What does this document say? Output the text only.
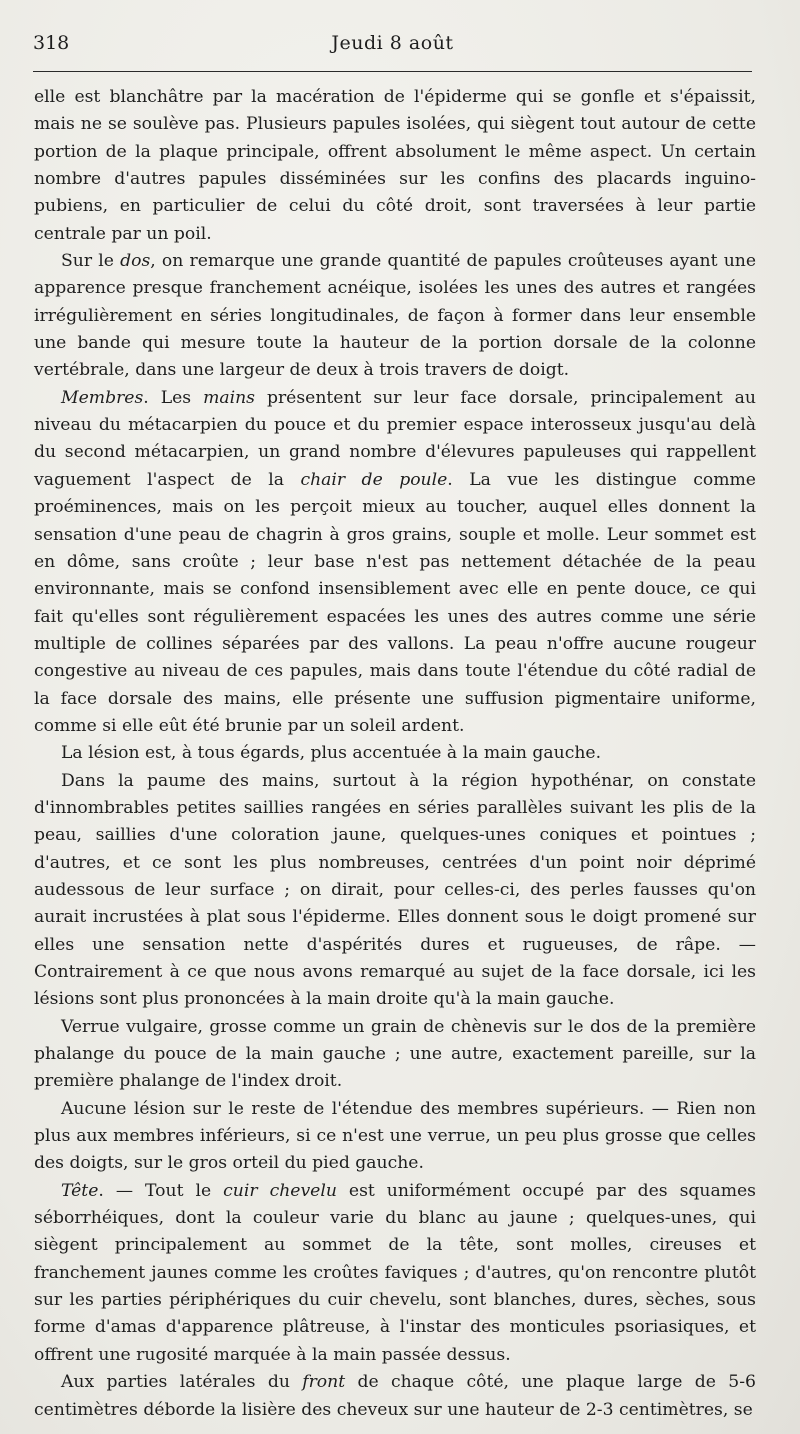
318	Jeudi 8 août

elle est blanchâtre par la macération de l'épiderme qui se gonfle et s'épaissit, mais ne se soulève pas. Plusieurs papules isolées, qui siègent tout autour de cette portion de la plaque principale, offrent absolument le même aspect. Un certain nombre d'autres papules disséminées sur les confins des placards inguino-pubiens, en particulier de celui du côté droit, sont traversées à leur partie centrale par un poil.

Sur le dos, on remarque une grande quantité de papules croûteuses ayant une apparence presque franchement acnéique, isolées les unes des autres et rangées irrégulièrement en séries longitudinales, de façon à former dans leur ensemble une bande qui mesure toute la hauteur de la portion dorsale de la colonne vertébrale, dans une largeur de deux à trois travers de doigt.

Membres. Les mains présentent sur leur face dorsale, principalement au niveau du métacarpien du pouce et du premier espace interosseux jusqu'au delà du second métacarpien, un grand nombre d'élevures papuleuses qui rappellent vaguement l'aspect de la chair de poule. La vue les distingue comme proéminences, mais on les perçoit mieux au toucher, auquel elles donnent la sensation d'une peau de chagrin à gros grains, souple et molle. Leur sommet est en dôme, sans croûte ; leur base n'est pas nettement détachée de la peau environnante, mais se confond insensiblement avec elle en pente douce, ce qui fait qu'elles sont régulièrement espacées les unes des autres comme une série multiple de collines séparées par des vallons. La peau n'offre aucune rougeur congestive au niveau de ces papules, mais dans toute l'étendue du côté radial de la face dorsale des mains, elle présente une suffusion pigmentaire uniforme, comme si elle eût été brunie par un soleil ardent.

La lésion est, à tous égards, plus accentuée à la main gauche.

Dans la paume des mains, surtout à la région hypothénar, on constate d'innombrables petites saillies rangées en séries parallèles suivant les plis de la peau, saillies d'une coloration jaune, quelques-unes coniques et pointues ; d'autres, et ce sont les plus nombreuses, centrées d'un point noir déprimé audessous de leur surface ; on dirait, pour celles-ci, des perles fausses qu'on aurait incrustées à plat sous l'épiderme. Elles donnent sous le doigt promené sur elles une sensation nette d'aspérités dures et rugueuses, de râpe. — Contrairement à ce que nous avons remarqué au sujet de la face dorsale, ici les lésions sont plus prononcées à la main droite qu'à la main gauche.

Verrue vulgaire, grosse comme un grain de chènevis sur le dos de la première phalange du pouce de la main gauche ; une autre, exactement pareille, sur la première phalange de l'index droit.

Aucune lésion sur le reste de l'étendue des membres supérieurs. — Rien non plus aux membres inférieurs, si ce n'est une verrue, un peu plus grosse que celles des doigts, sur le gros orteil du pied gauche.

Tête. — Tout le cuir chevelu est uniformément occupé par des squames séborrhéiques, dont la couleur varie du blanc au jaune ; quelques-unes, qui siègent principalement au sommet de la tête, sont molles, cireuses et franchement jaunes comme les croûtes faviques ; d'autres, qu'on rencontre plutôt sur les parties périphériques du cuir chevelu, sont blanches, dures, sèches, sous forme d'amas d'apparence plâtreuse, à l'instar des monticules psoriasiques, et offrent une rugosité marquée à la main passée dessus.

Aux parties latérales du front de chaque côté, une plaque large de 5-6 centimètres déborde la lisière des cheveux sur une hauteur de 2-3 centimètres, se
